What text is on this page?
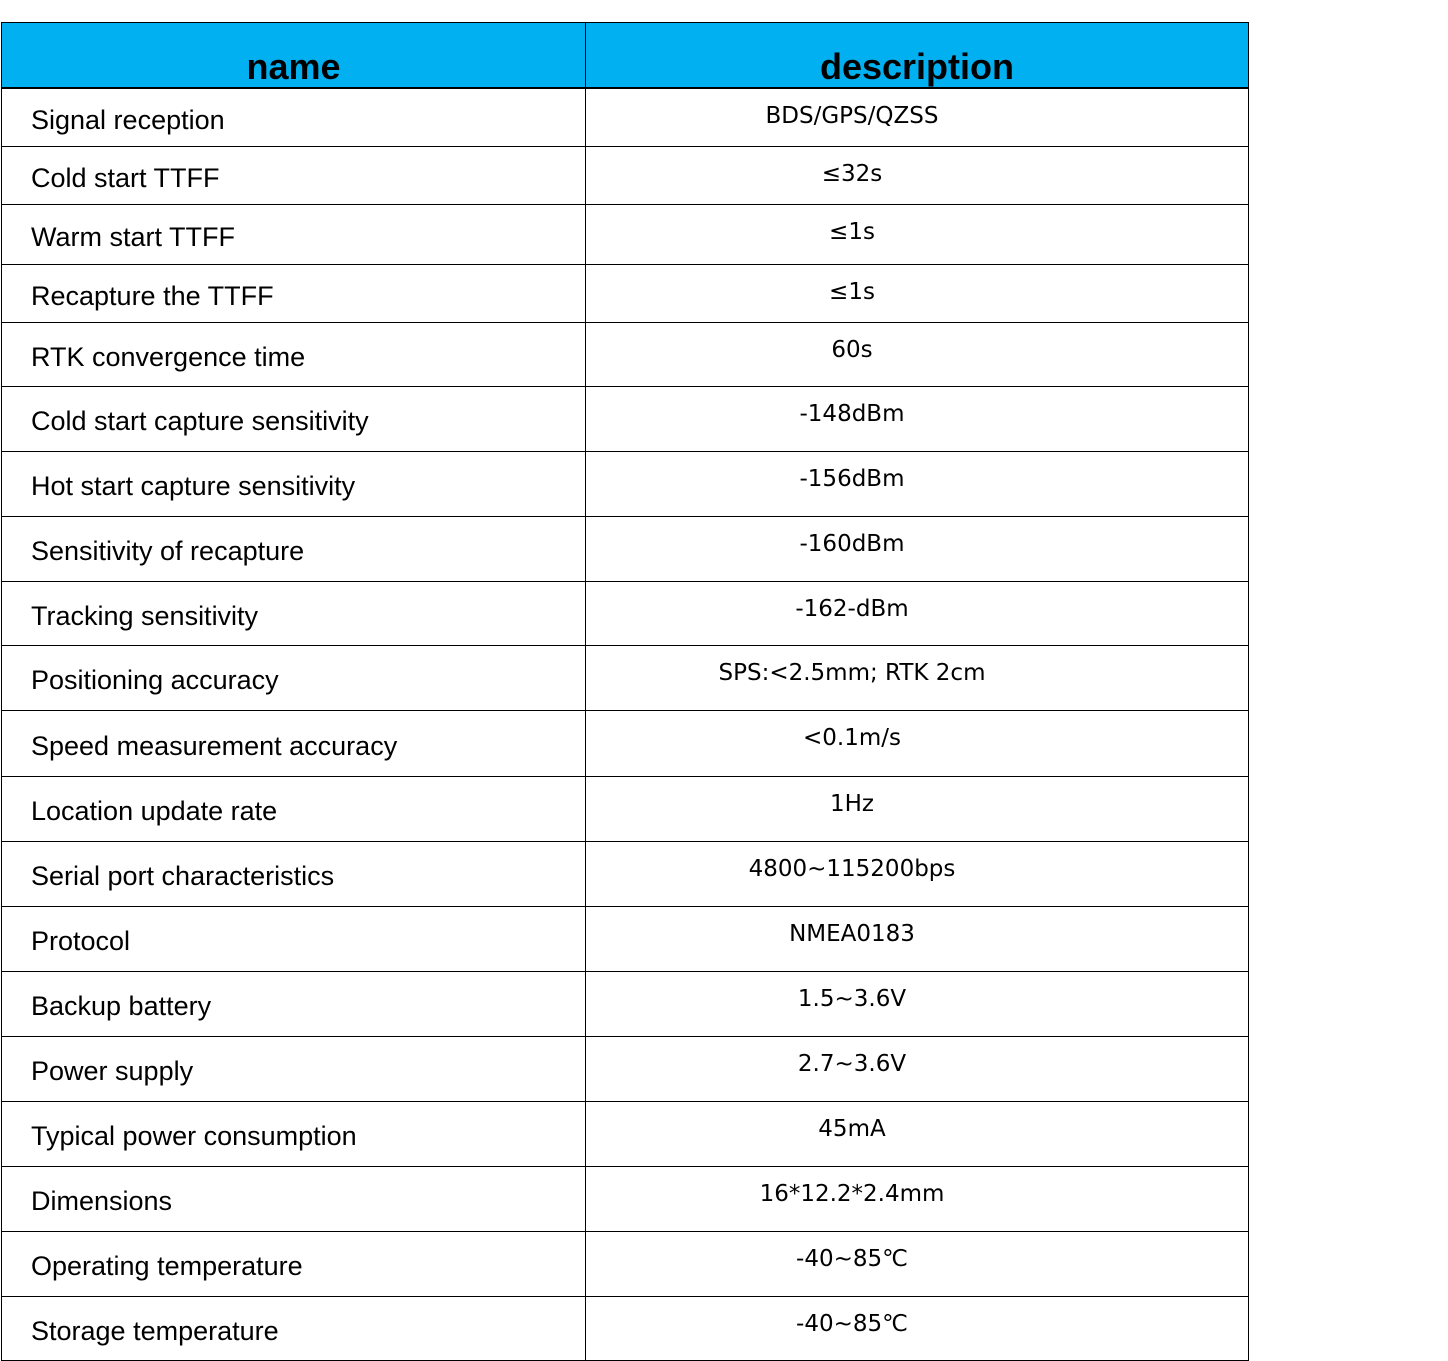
name	description
Signal reception	BDS/GPS/QZSS
Cold start TTFF	≤32s
Warm start TTFF	≤1s
Recapture the TTFF	≤1s
RTK convergence time	60s
Cold start capture sensitivity	-148dBm
Hot start capture sensitivity	-156dBm
Sensitivity of recapture	-160dBm
Tracking sensitivity	-162-dBm
Positioning accuracy	SPS:<2.5mm; RTK 2cm
Speed measurement accuracy	<0.1m/s
Location update rate	1Hz
Serial port characteristics	4800~115200bps
Protocol	NMEA0183
Backup battery	1.5~3.6V
Power supply	2.7~3.6V
Typical power consumption	45mA
Dimensions	16*12.2*2.4mm
Operating temperature	-40~85℃
Storage temperature	-40~85℃
